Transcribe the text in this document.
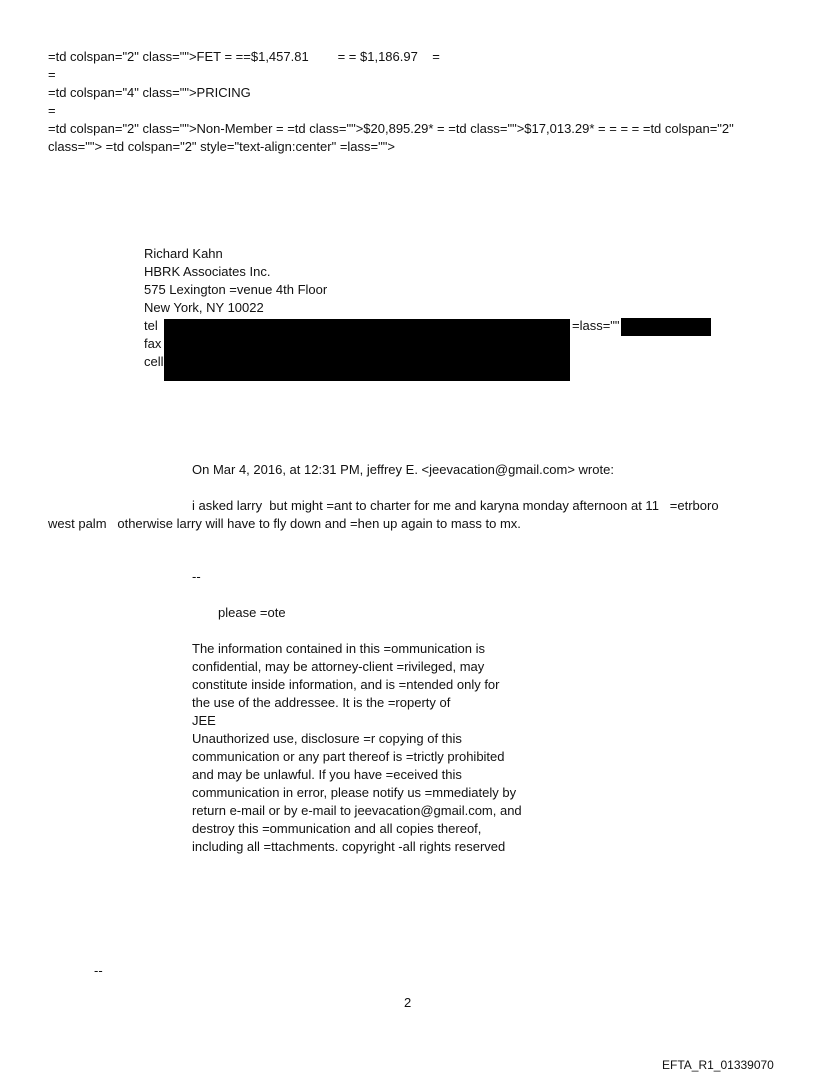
=td colspan="2" class="">FET = ==$1,457.81        = = $1,186.97    =

=

=td colspan="4" class="">PRICING

=

=td colspan="2" class="">Non-Member = =td class="">$20,895.29* = =td class="">$17,013.29* = = = = =td colspan="2"

class=""> =td colspan="2" style="text-align:center" =lass="">

Richard Kahn

HBRK Associates Inc.

575 Lexington =venue 4th Floor

New York, NY 10022

tel	=lass=""

fax

cell

On Mar 4, 2016, at 12:31 PM, jeffrey E. <jeevacation@gmail.com> wrote:

i asked larry  but might =ant to charter for me and karyna monday afternoon at 11   =etrboro

west palm   otherwise larry will have to fly down and =hen up again to mass to mx.

--

please =ote

The information contained in this =ommunication is

confidential, may be attorney-client =rivileged, may

constitute inside information, and is =ntended only for

the use of the addressee. It is the =roperty of

JEE

Unauthorized use, disclosure =r copying of this

communication or any part thereof is =trictly prohibited

and may be unlawful. If you have =eceived this

communication in error, please notify us =mmediately by

return e-mail or by e-mail to jeevacation@gmail.com, and

destroy this =ommunication and all copies thereof,

including all =ttachments. copyright -all rights reserved

--

2

EFTA_R1_01339070
